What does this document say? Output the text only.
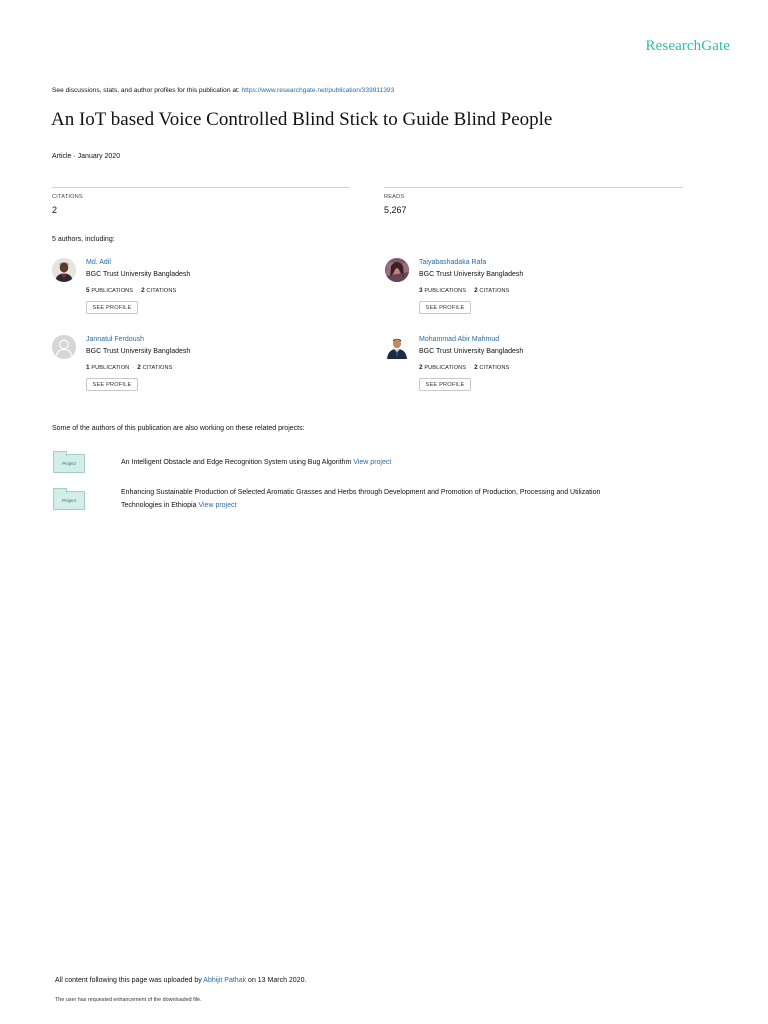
ResearchGate
See discussions, stats, and author profiles for this publication at: https://www.researchgate.net/publication/339911393
An IoT based Voice Controlled Blind Stick to Guide Blind People
Article · January 2020
CITATIONS
2
READS
5,267
5 authors, including:
Md. Adil
BGC Trust University Bangladesh
5 PUBLICATIONS · 2 CITATIONS
SEE PROFILE
Taiyabashadaka Rafa
BGC Trust University Bangladesh
3 PUBLICATIONS · 2 CITATIONS
SEE PROFILE
Jannatul Ferdoush
BGC Trust University Bangladesh
1 PUBLICATION · 2 CITATIONS
SEE PROFILE
Mohammad Abir Mahmud
BGC Trust University Bangladesh
2 PUBLICATIONS · 2 CITATIONS
SEE PROFILE
Some of the authors of this publication are also working on these related projects:
Project	An Intelligent Obstacle and Edge Recognition System using Bug Algorithm View project
Project
Enhancing Sustainable Production of Selected Aromatic Grasses and Herbs through Development and Promotion of Production, Processing and Utilization
Technologies in Ethiopia View project
All content following this page was uploaded by Abhijit Pathak on 13 March 2020.
The user has requested enhancement of the downloaded file.
